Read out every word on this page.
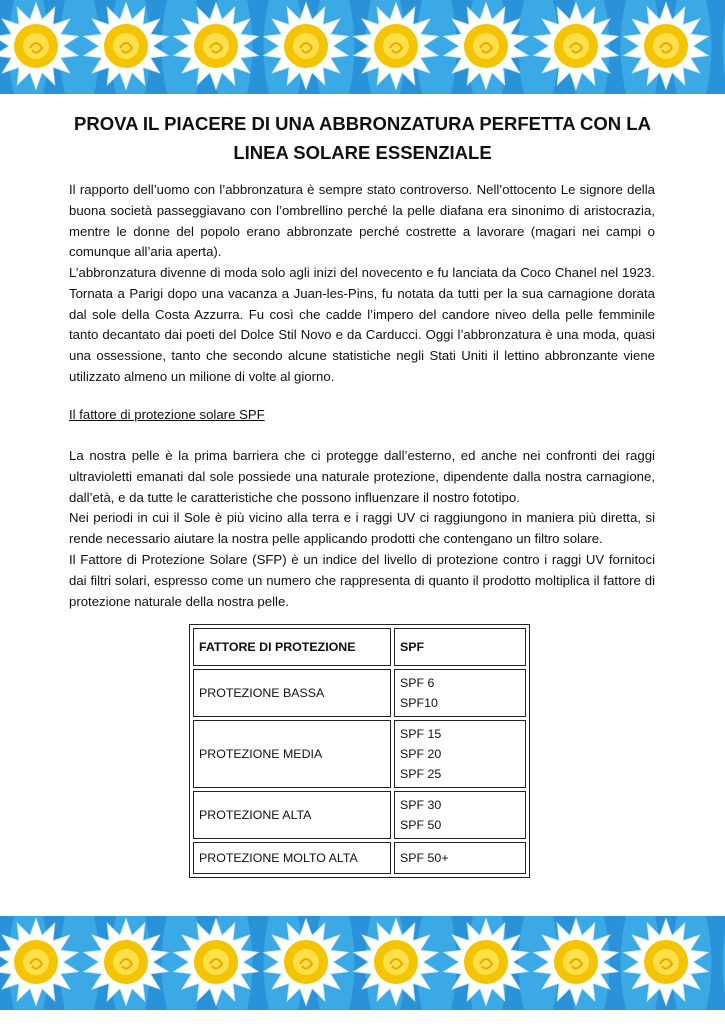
PROVA IL PIACERE DI UNA ABBRONZATURA PERFETTA CON LA
LINEA SOLARE ESSENZIALE

Il rapporto dell’uomo con l’abbronzatura è sempre stato controverso. Nell’ottocento Le signore della buona società passeggiavano con l’ombrellino perché la pelle diafana era sinonimo di aristocrazia, mentre le donne del popolo erano abbronzate perché costrette a lavorare (magari nei campi o comunque all’aria aperta).

L’abbronzatura divenne di moda solo agli inizi del novecento e fu lanciata da Coco Chanel nel 1923. Tornata a Parigi dopo una vacanza a Juan-les-Pins, fu notata da tutti per la sua carnagione dorata dal sole della Costa Azzurra. Fu così che cadde l’impero del candore niveo della pelle femminile tanto decantato dai poeti del Dolce Stil Novo e da Carducci. Oggi l’abbronzatura è una moda, quasi una ossessione, tanto che secondo alcune statistiche negli Stati Uniti il lettino abbronzante viene utilizzato almeno un milione di volte al giorno.

Il fattore di protezione solare SPF

La nostra pelle è la prima barriera che ci protegge dall’esterno, ed anche nei confronti dei raggi ultravioletti emanati dal sole possiede una naturale protezione, dipendente dalla nostra carnagione, dall’età, e da tutte le caratteristiche che possono influenzare il nostro fototipo.

Nei periodi in cui il Sole è più vicino alla terra e i raggi UV ci raggiungono in maniera più diretta, si rende necessario aiutare la nostra pelle applicando prodotti che contengano un filtro solare.

Il Fattore di Protezione Solare (SFP) è un indice del livello di protezione contro i raggi UV fornitoci dai filtri solari, espresso come un numero che rappresenta di quanto il prodotto moltiplica il fattore di protezione naturale della nostra pelle.

FATTORE DI PROTEZIONE	SPF
PROTEZIONE BASSA	SPF 6
SPF10

PROTEZIONE MEDIA	SPF 15
SPF 20
SPF 25

PROTEZIONE ALTA	SPF 30
SPF 50

PROTEZIONE MOLTO ALTA	SPF 50+
